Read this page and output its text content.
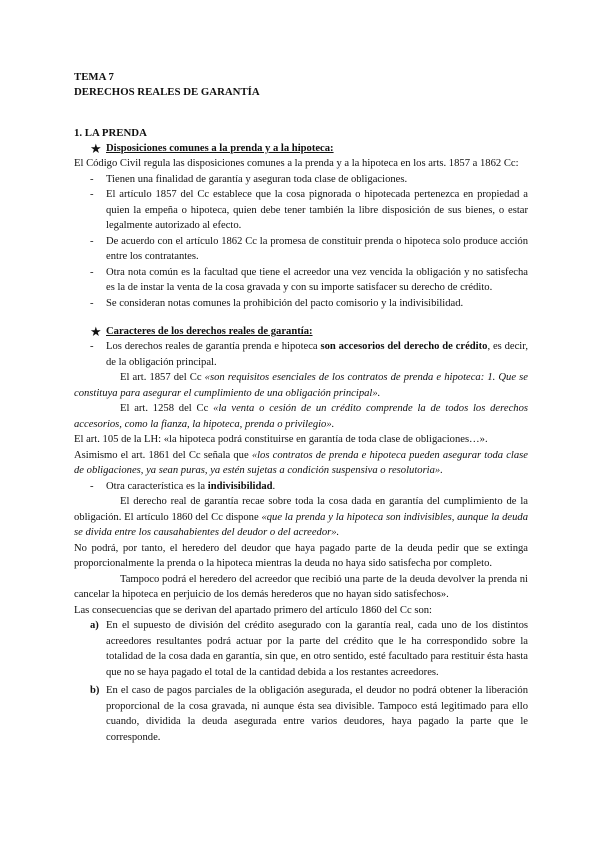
TEMA 7
DERECHOS REALES DE GARANTÍA
1. LA PRENDA
★ Disposiciones comunes a la prenda y a la hipoteca:

El Código Civil regula las disposiciones comunes a la prenda y a la hipoteca en los arts. 1857 a 1862 Cc:

- Tienen una finalidad de garantía y aseguran toda clase de obligaciones.
- El artículo 1857 del Cc establece que la cosa pignorada o hipotecada pertenezca en propiedad a quien la empeña o hipoteca, quien debe tener también la libre disposición de sus bienes, o estar legalmente autorizado al efecto.
- De acuerdo con el artículo 1862 Cc la promesa de constituir prenda o hipoteca solo produce acción entre los contratantes.
- Otra nota común es la facultad que tiene el acreedor una vez vencida la obligación y no satisfecha es la de instar la venta de la cosa gravada y con su importe satisfacer su derecho de crédito.
- Se consideran notas comunes la prohibición del pacto comisorio y la indivisibilidad.
★ Caracteres de los derechos reales de garantía:
- Los derechos reales de garantía prenda e hipoteca son accesorios del derecho de crédito, es decir, de la obligación principal.

El art. 1857 del Cc «son requisitos esenciales de los contratos de prenda e hipoteca: 1. Que se constituya para asegurar el cumplimiento de una obligación principal».

El art. 1258 del Cc «la venta o cesión de un crédito comprende la de todos los derechos accesorios, como la fianza, la hipoteca, prenda o privilegio».

El art. 105 de la LH: «la hipoteca podrá constituirse en garantía de toda clase de obligaciones…».

Asimismo el art. 1861 del Cc señala que «los contratos de prenda e hipoteca pueden asegurar toda clase de obligaciones, ya sean puras, ya estén sujetas a condición suspensiva o resolutoria».

- Otra característica es la indivisibilidad.

El derecho real de garantía recae sobre toda la cosa dada en garantía del cumplimiento de la obligación. El artículo 1860 del Cc dispone «que la prenda y la hipoteca son indivisibles, aunque la deuda se divida entre los causahabientes del deudor o del acreedor».

No podrá, por tanto, el heredero del deudor que haya pagado parte de la deuda pedir que se extinga proporcionalmente la prenda o la hipoteca mientras la deuda no haya sido satisfecha por completo.

Tampoco podrá el heredero del acreedor que recibió una parte de la deuda devolver la prenda ni cancelar la hipoteca en perjuicio de los demás herederos que no hayan sido satisfechos».

Las consecuencias que se derivan del apartado primero del artículo 1860 del Cc son:

a) En el supuesto de división del crédito asegurado con la garantía real, cada uno de los distintos acreedores resultantes podrá actuar por la parte del crédito que le ha correspondido sobre la totalidad de la cosa dada en garantía, sin que, en otro sentido, esté facultado para restituir ésta hasta que no se haya pagado el total de la cantidad debida a los restantes acreedores.
b) En el caso de pagos parciales de la obligación asegurada, el deudor no podrá obtener la liberación proporcional de la cosa gravada, ni aunque ésta sea divisible. Tampoco está legitimado para ello cuando, dividida la deuda asegurada entre varios deudores, haya pagado la parte que le corresponde.
